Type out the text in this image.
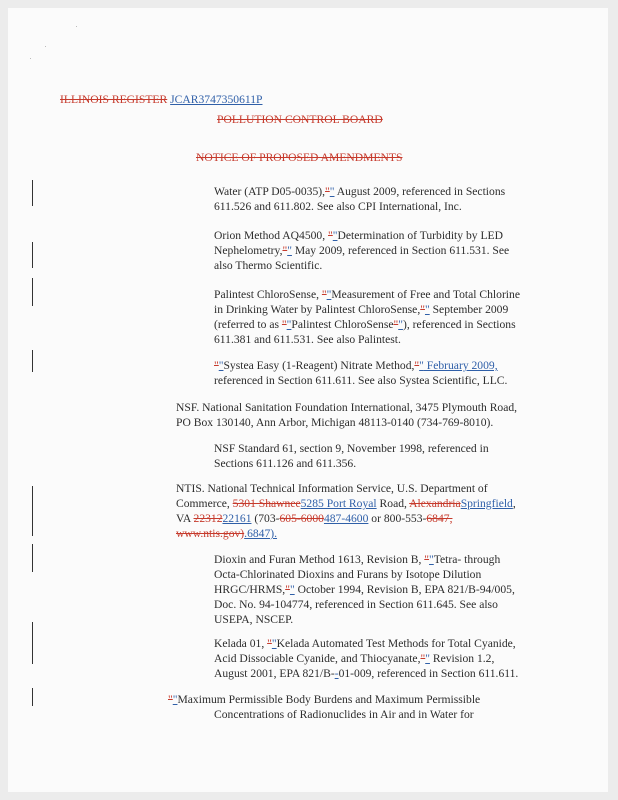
ILLINOIS REGISTER JCAR3747350611P
POLLUTION CONTROL BOARD
NOTICE OF PROPOSED AMENDMENTS
Water (ATP D05-0035),"" August 2009, referenced in Sections
611.526 and 611.802. See also CPI International, Inc.
Orion Method AQ4500, ""Determination of Turbidity by LED
Nephelometry,"" May 2009, referenced in Section 611.531. See
also Thermo Scientific.
Palintest ChloroSense, ""Measurement of Free and Total Chlorine
in Drinking Water by Palintest ChloroSense,"" September 2009
(referred to as ""Palintest ChloroSense""), referenced in Sections
611.381 and 611.531. See also Palintest.
""Systea Easy (1-Reagent) Nitrate Method,"" February 2009,
referenced in Section 611.611. See also Systea Scientific, LLC.
NSF. National Sanitation Foundation International, 3475 Plymouth Road,
PO Box 130140, Ann Arbor, Michigan 48113-0140 (734-769-8010).
NSF Standard 61, section 9, November 1998, referenced in
Sections 611.126 and 611.356.
NTIS. National Technical Information Service, U.S. Department of
Commerce, 5301 Shawnee5285 Port Royal Road, AlexandriaSpringfield,
VA 2231222161 (703-605-6000487-4600 or 800-553-6847,
www.ntis.gov).6847).
Dioxin and Furan Method 1613, Revision B, ""Tetra- through
Octa-Chlorinated Dioxins and Furans by Isotope Dilution
HRGC/HRMS,"" October 1994, Revision B, EPA 821/B-94/005,
Doc. No. 94-104774, referenced in Section 611.645. See also
USEPA, NSCEP.
Kelada 01, ""Kelada Automated Test Methods for Total Cyanide,
Acid Dissociable Cyanide, and Thiocyanate,"" Revision 1.2,
August 2001, EPA 821/B--01-009, referenced in Section 611.611.
""Maximum Permissible Body Burdens and Maximum Permissible
Concentrations of Radionuclides in Air and in Water for
